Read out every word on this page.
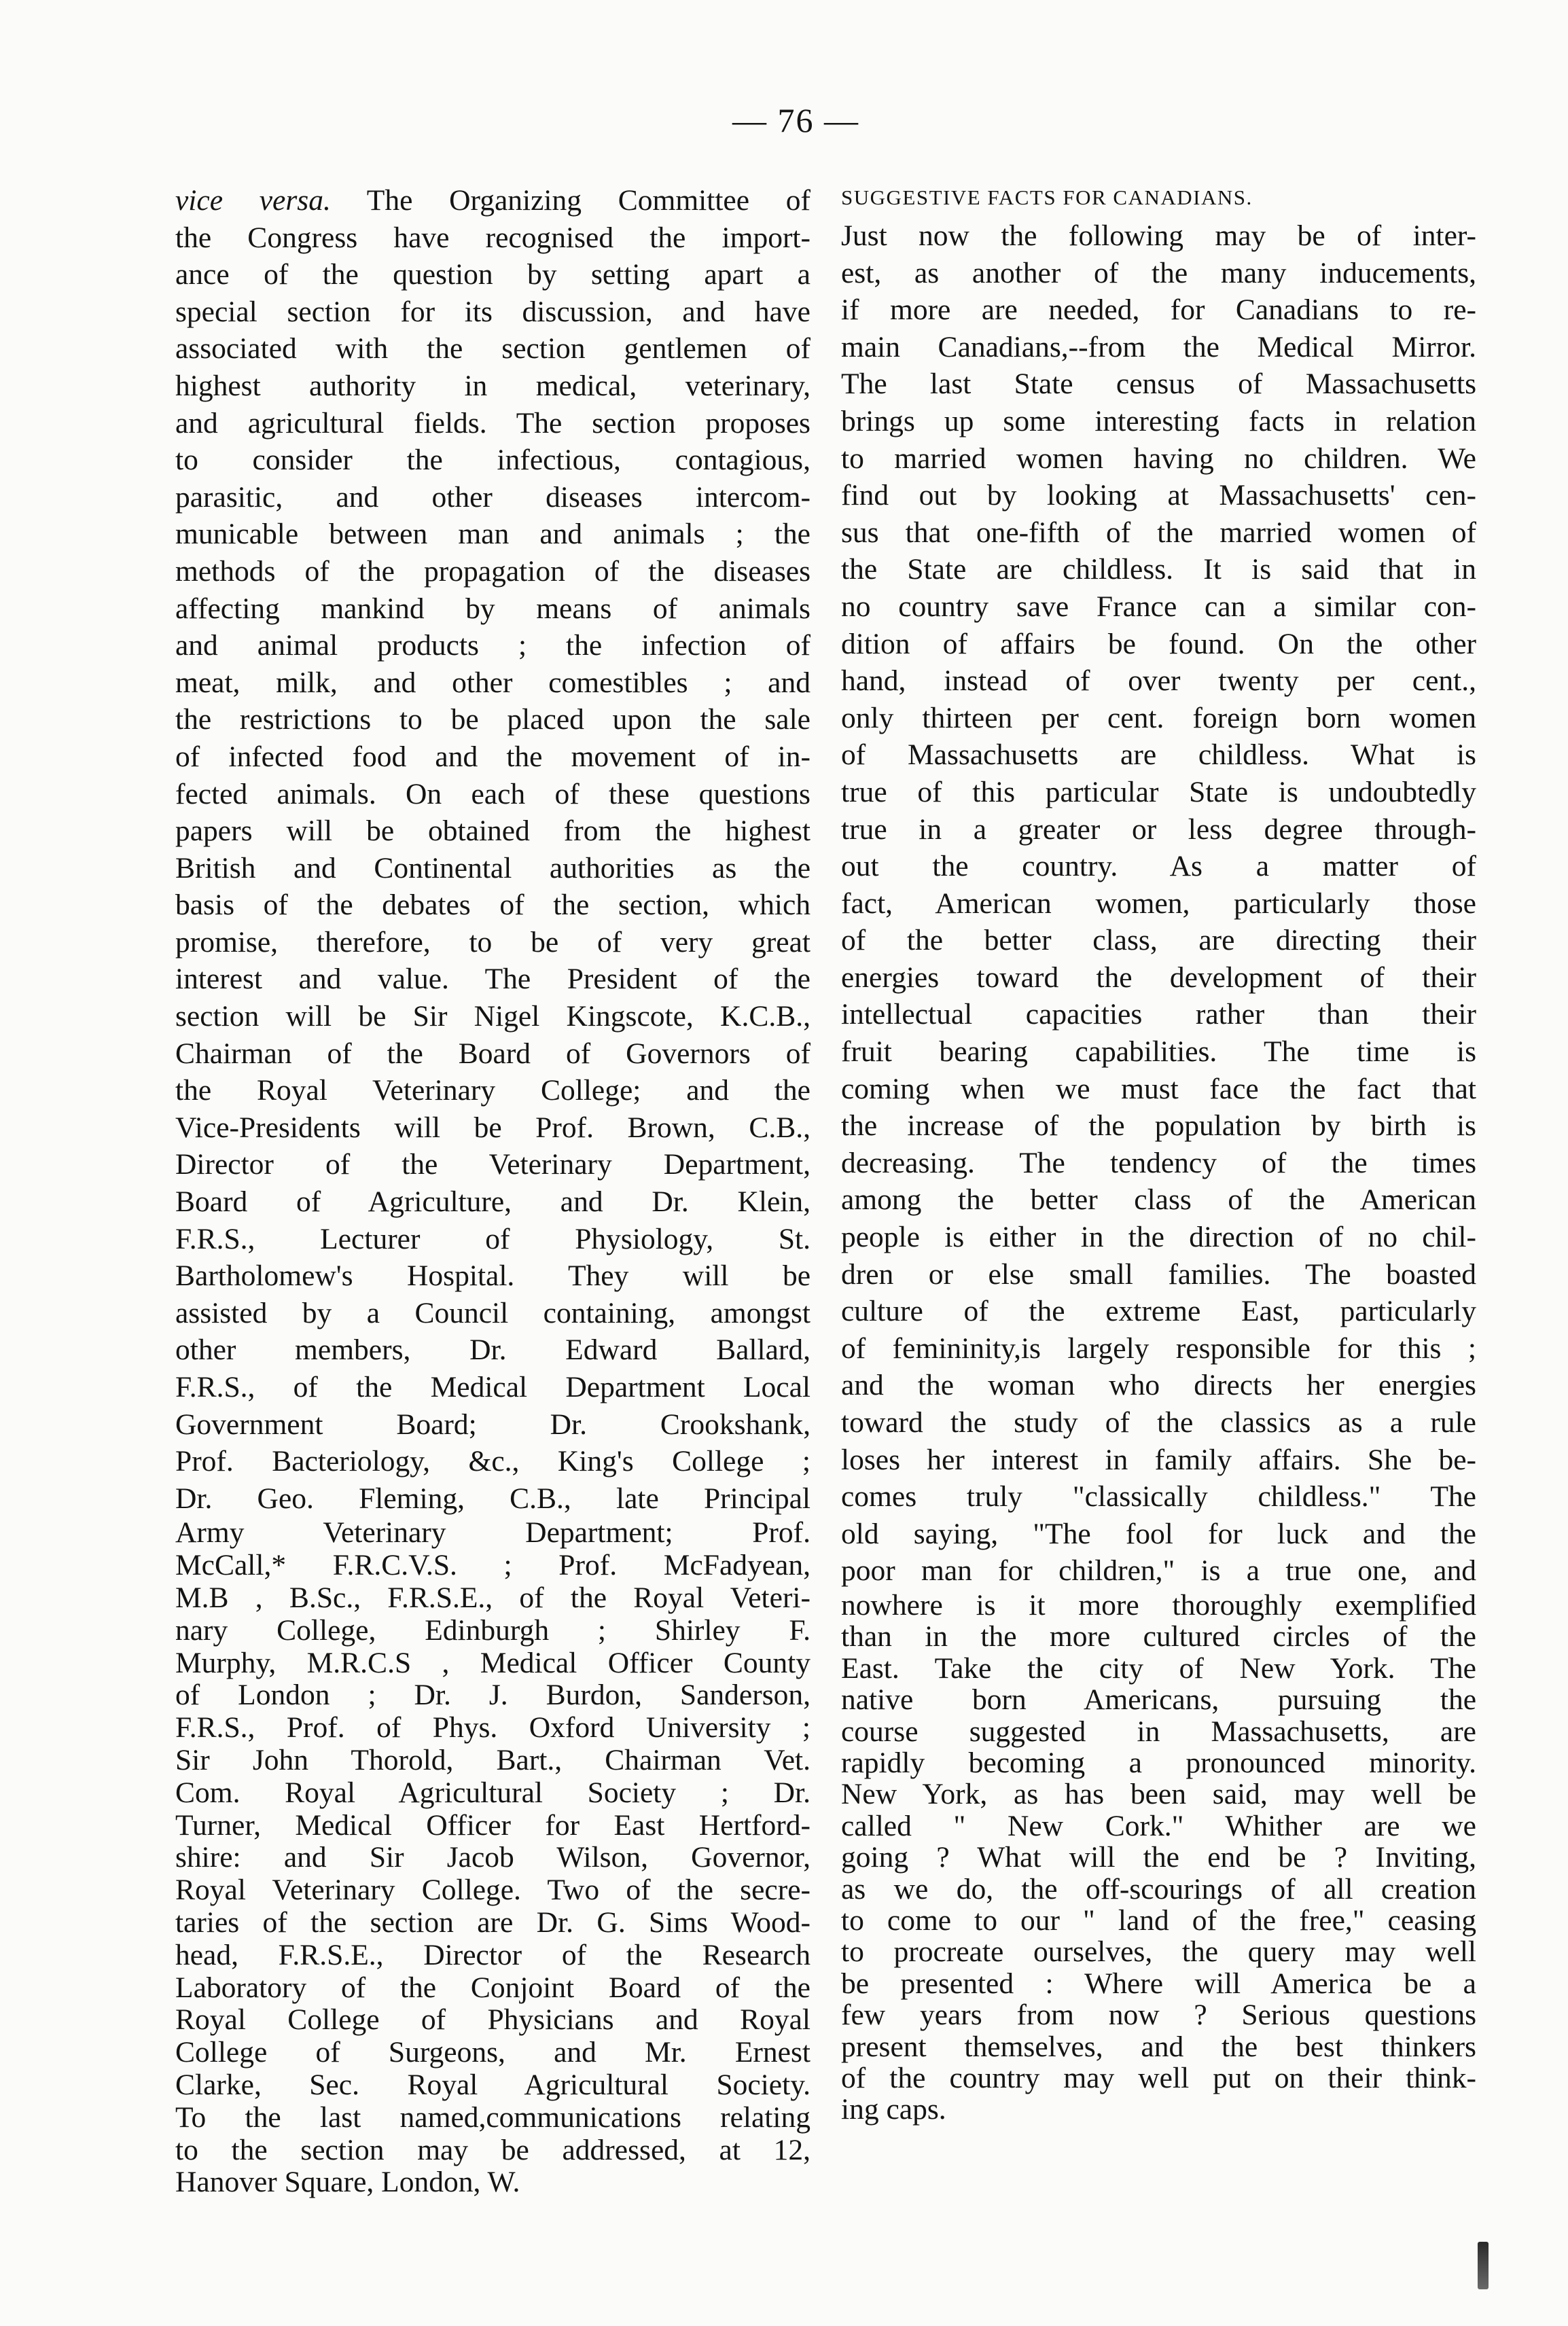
— 76 —
vice versa. The Organizing Committee of
the Congress have recognised the import-
ance of the question by setting apart a
special section for its discussion, and have
associated with the section gentlemen of
highest authority in medical, veterinary,
and agricultural fields. The section proposes
to consider the infectious, contagious,
parasitic, and other diseases intercom-
municable between man and animals ; the
methods of the propagation of the diseases
affecting mankind by means of animals
and animal products ; the infection of
meat, milk, and other comestibles ; and
the restrictions to be placed upon the sale
of infected food and the movement of in-
fected animals. On each of these questions
papers will be obtained from the highest
British and Continental authorities as the
basis of the debates of the section, which
promise, therefore, to be of very great
interest and value. The President of the
section will be Sir Nigel Kingscote, K.C.B.,
Chairman of the Board of Governors of
the Royal Veterinary College; and the
Vice-Presidents will be Prof. Brown, C.B.,
Director of the Veterinary Department,
Board of Agriculture, and Dr. Klein,
F.R.S., Lecturer of Physiology, St.
Bartholomew's Hospital. They will be
assisted by a Council containing, amongst
other members, Dr. Edward Ballard,
F.R.S., of the Medical Department Local
Government Board; Dr. Crookshank,
Prof. Bacteriology, &c., King's College ;
Dr. Geo. Fleming, C.B., late Principal
Army Veterinary Department; Prof.
McCall,* F.R.C.V.S. ; Prof. McFadyean,
M.B , B.Sc., F.R.S.E., of the Royal Veteri-
nary College, Edinburgh ; Shirley F.
Murphy, M.R.C.S , Medical Officer County
of London ; Dr. J. Burdon, Sanderson,
F.R.S., Prof. of Phys. Oxford University ;
Sir John Thorold, Bart., Chairman Vet.
Com. Royal Agricultural Society ; Dr.
Turner, Medical Officer for East Hertford-
shire: and Sir Jacob Wilson, Governor,
Royal Veterinary College. Two of the secre-
taries of the section are Dr. G. Sims Wood-
head, F.R.S.E., Director of the Research
Laboratory of the Conjoint Board of the
Royal College of Physicians and Royal
College of Surgeons, and Mr. Ernest
Clarke, Sec. Royal Agricultural Society.
To the last named,communications relating
to the section may be addressed, at 12,
Hanover Square, London, W.
SUGGESTIVE FACTS FOR CANADIANS.
Just now the following may be of inter-
est, as another of the many inducements,
if more are needed, for Canadians to re-
main Canadians,--from the Medical Mirror.
The last State census of Massachusetts
brings up some interesting facts in relation
to married women having no children. We
find out by looking at Massachusetts' cen-
sus that one-fifth of the married women of
the State are childless. It is said that in
no country save France can a similar con-
dition of affairs be found. On the other
hand, instead of over twenty per cent.,
only thirteen per cent. foreign born women
of Massachusetts are childless. What is
true of this particular State is undoubtedly
true in a greater or less degree through-
out the country. As a matter of
fact, American women, particularly those
of the better class, are directing their
energies toward the development of their
intellectual capacities rather than their
fruit bearing capabilities. The time is
coming when we must face the fact that
the increase of the population by birth is
decreasing. The tendency of the times
among the better class of the American
people is either in the direction of no chil-
dren or else small families. The boasted
culture of the extreme East, particularly
of femininity,is largely responsible for this ;
and the woman who directs her energies
toward the study of the classics as a rule
loses her interest in family affairs. She be-
comes truly "classically childless." The
old saying, "The fool for luck and the
poor man for children," is a true one, and
nowhere is it more thoroughly exemplified
than in the more cultured circles of the
East. Take the city of New York. The
native born Americans, pursuing the
course suggested in Massachusetts, are
rapidly becoming a pronounced minority.
New York, as has been said, may well be
called " New Cork." Whither are we
going ? What will the end be ? Inviting,
as we do, the off-scourings of all creation
to come to our " land of the free," ceasing
to procreate ourselves, the query may well
be presented : Where will America be a
few years from now ? Serious questions
present themselves, and the best thinkers
of the country may well put on their think-
ing caps.
